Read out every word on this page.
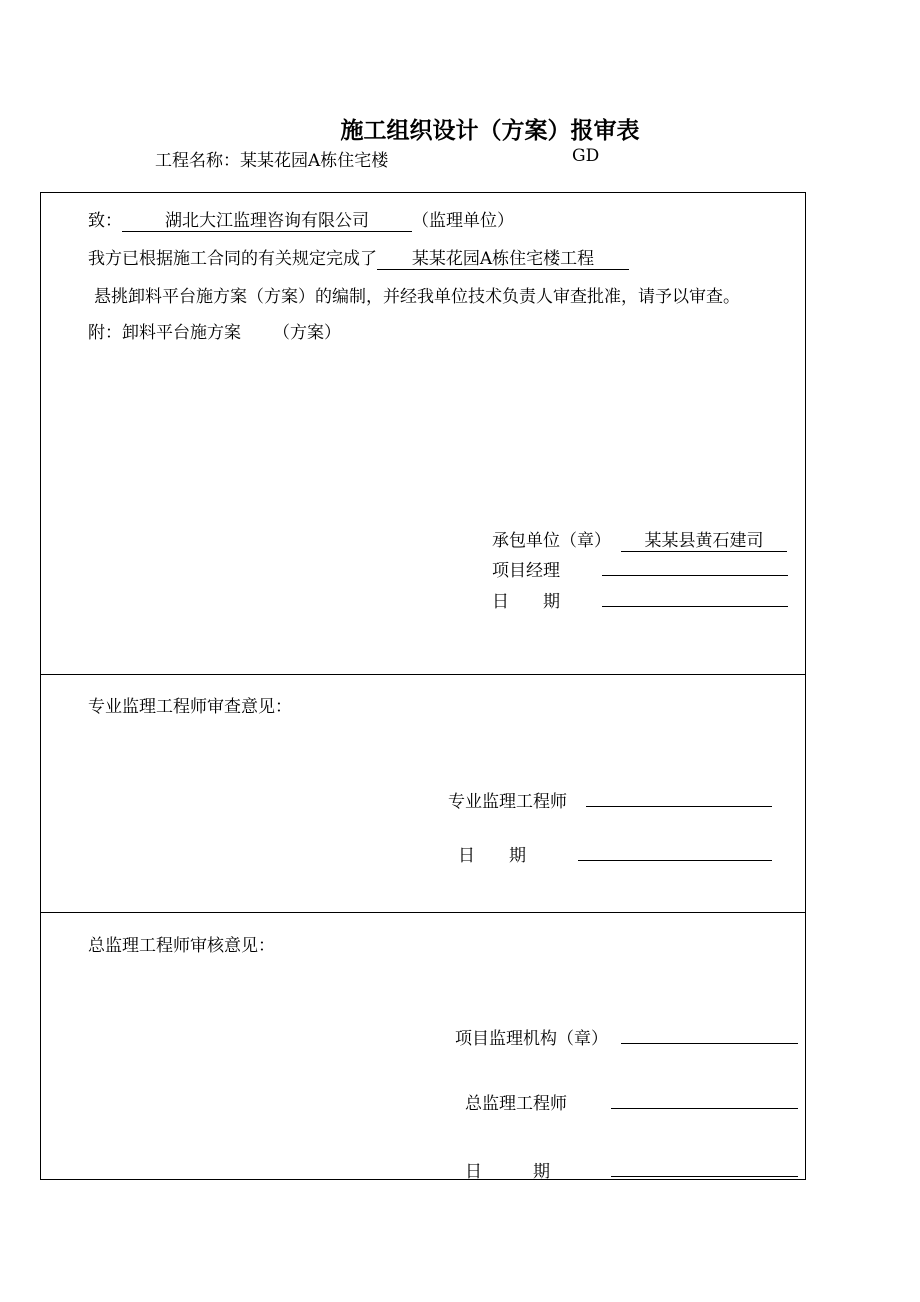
施工组织设计（方案）报审表
工程名称：某某花园A栋住宅楼	GD
致：	湖北大江监理咨询有限公司	（监理单位）
我方已根据施工合同的有关规定完成了 某某花园A栋住宅楼工程
悬挑卸料平台施方案（方案）的编制，并经我单位技术负责人审查批准，请予以审查。
附：卸料平台施方案 （方案）
承包单位（章） 某某县黄石建司
项目经理
日　　期
专业监理工程师审查意见：
专业监理工程师
日　　期
总监理工程师审核意见：
项目监理机构（章）
总监理工程师
日　　　期
